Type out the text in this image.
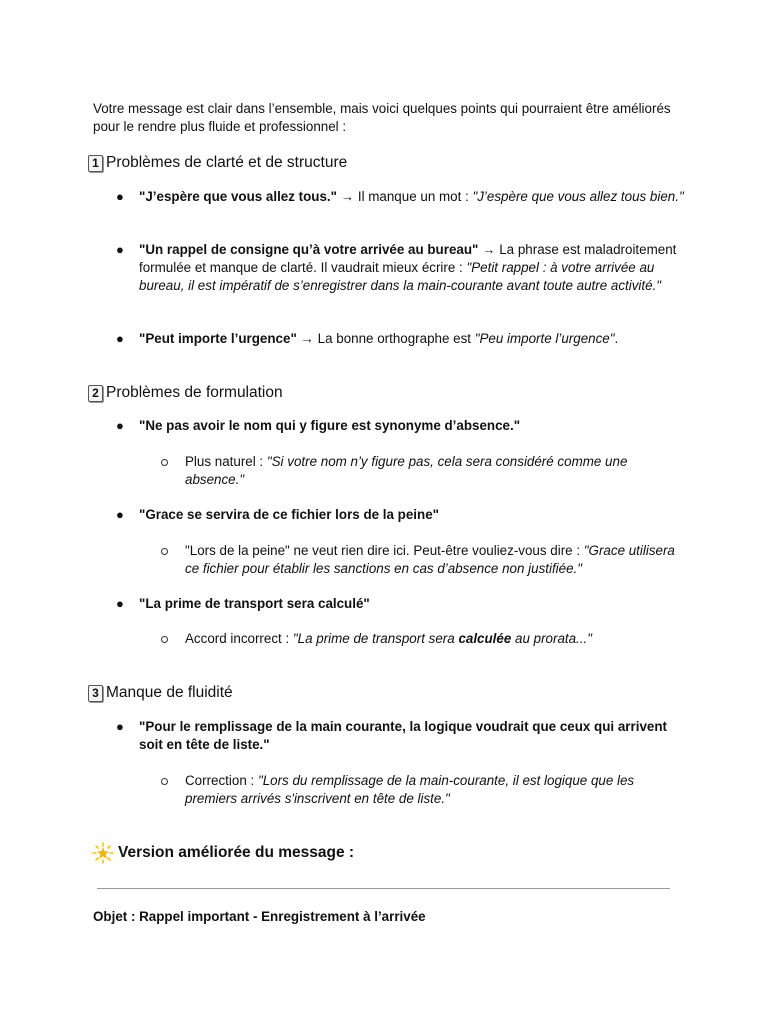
Votre message est clair dans l’ensemble, mais voici quelques points qui pourraient être améliorés pour le rendre plus fluide et professionnel :

1 Problèmes de clarté et de structure
● "J’espère que vous allez tous." → Il manque un mot : "J’espère que vous allez tous bien."

● "Un rappel de consigne qu’à votre arrivée au bureau" → La phrase est maladroitement formulée et manque de clarté. Il vaudrait mieux écrire : "Petit rappel : à votre arrivée au bureau, il est impératif de s’enregistrer dans la main-courante avant toute autre activité."

● "Peut importe l’urgence" → La bonne orthographe est "Peu importe l’urgence".

2 Problèmes de formulation
● "Ne pas avoir le nom qui y figure est synonyme d’absence."

Plus naturel : "Si votre nom n’y figure pas, cela sera considéré comme une absence."

● "Grace se servira de ce fichier lors de la peine"

"Lors de la peine" ne veut rien dire ici. Peut-être vouliez-vous dire : "Grace utilisera ce fichier pour établir les sanctions en cas d’absence non justifiée."

● "La prime de transport sera calculé"

Accord incorrect : "La prime de transport sera calculée au prorata..."

3 Manque de fluidité
● "Pour le remplissage de la main courante, la logique voudrait que ceux qui arrivent soit en tête de liste."

Correction : "Lors du remplissage de la main-courante, il est logique que les premiers arrivés s'inscrivent en tête de liste."

Version améliorée du message :

Objet : Rappel important - Enregistrement à l’arrivée
